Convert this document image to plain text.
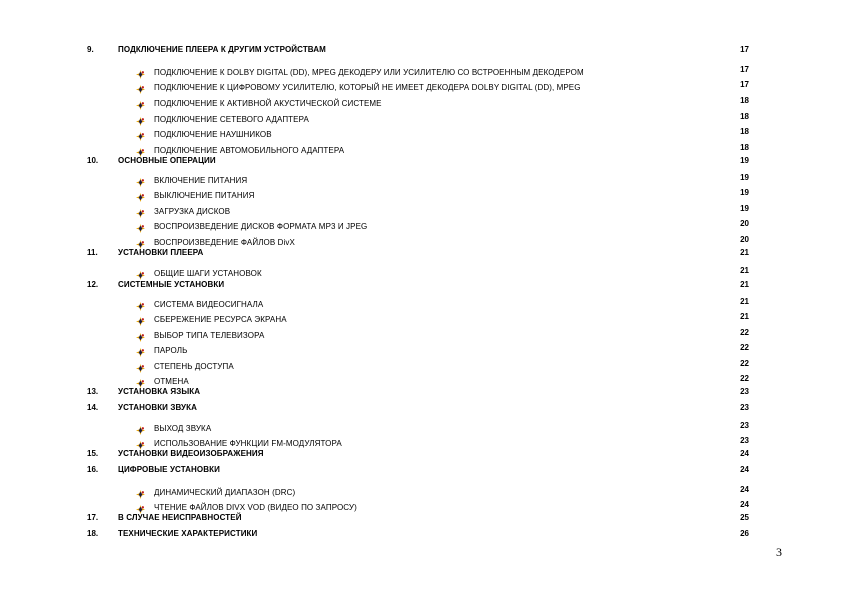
9.	ПОДКЛЮЧЕНИЕ ПЛЕЕРА К ДРУГИМ УСТРОЙСТВАМ	17
ПОДКЛЮЧЕНИЕ К DOLBY DIGITAL (DD), MPEG ДЕКОДЕРУ ИЛИ УСИЛИТЕЛЮ СО ВСТРОЕННЫМ ДЕКОДЕРОМ	17
ПОДКЛЮЧЕНИЕ К ЦИФРОВОМУ УСИЛИТЕЛЮ, КОТОРЫЙ НЕ ИМЕЕТ ДЕКОДЕРА DOLBY DIGITAL (DD), MPEG	17
ПОДКЛЮЧЕНИЕ К АКТИВНОЙ АКУСТИЧЕСКОЙ СИСТЕМЕ	18
ПОДКЛЮЧЕНИЕ СЕТЕВОГО АДАПТЕРА	18
ПОДКЛЮЧЕНИЕ НАУШНИКОВ	18
ПОДКЛЮЧЕНИЕ АВТОМОБИЛЬНОГО АДАПТЕРА	18
10. ОСНОВНЫЕ ОПЕРАЦИИ	19
ВКЛЮЧЕНИЕ ПИТАНИЯ	19
ВЫКЛЮЧЕНИЕ ПИТАНИЯ	19
ЗАГРУЗКА ДИСКОВ	19
ВОСПРОИЗВЕДЕНИЕ ДИСКОВ ФОРМАТА MP3 И JPEG	20
ВОСПРОИЗВЕДЕНИЕ ФАЙЛОВ DivX	20
11.	УСТАНОВКИ ПЛЕЕРА	21
ОБЩИЕ ШАГИ УСТАНОВОК	21
12. СИСТЕМНЫЕ УСТАНОВКИ	21
СИСТЕМА ВИДЕОСИГНАЛА	21
СБЕРЕЖЕНИЕ РЕСУРСА ЭКРАНА	21
ВЫБОР ТИПА ТЕЛЕВИЗОРА	22
ПАРОЛЬ	22
СТЕПЕНЬ ДОСТУПА	22
ОТМЕНА	22
13. УСТАНОВКА ЯЗЫКА	23
14. УСТАНОВКИ ЗВУКА	23
ВЫХОД ЗВУКА	23
ИСПОЛЬЗОВАНИЕ ФУНКЦИИ FM-МОДУЛЯТОРА	23
15. УСТАНОВКИ ВИДЕОИЗОБРАЖЕНИЯ	24
16. ЦИФРОВЫЕ УСТАНОВКИ	24
ДИНАМИЧЕСКИЙ ДИАПАЗОН (DRC)	24
ЧТЕНИЕ ФАЙЛОВ DIVX VOD (ВИДЕО ПО ЗАПРОСУ)	24
17. В СЛУЧАЕ НЕИСПРАВНОСТЕЙ	25
18. ТЕХНИЧЕСКИЕ ХАРАКТЕРИСТИКИ	26
3
